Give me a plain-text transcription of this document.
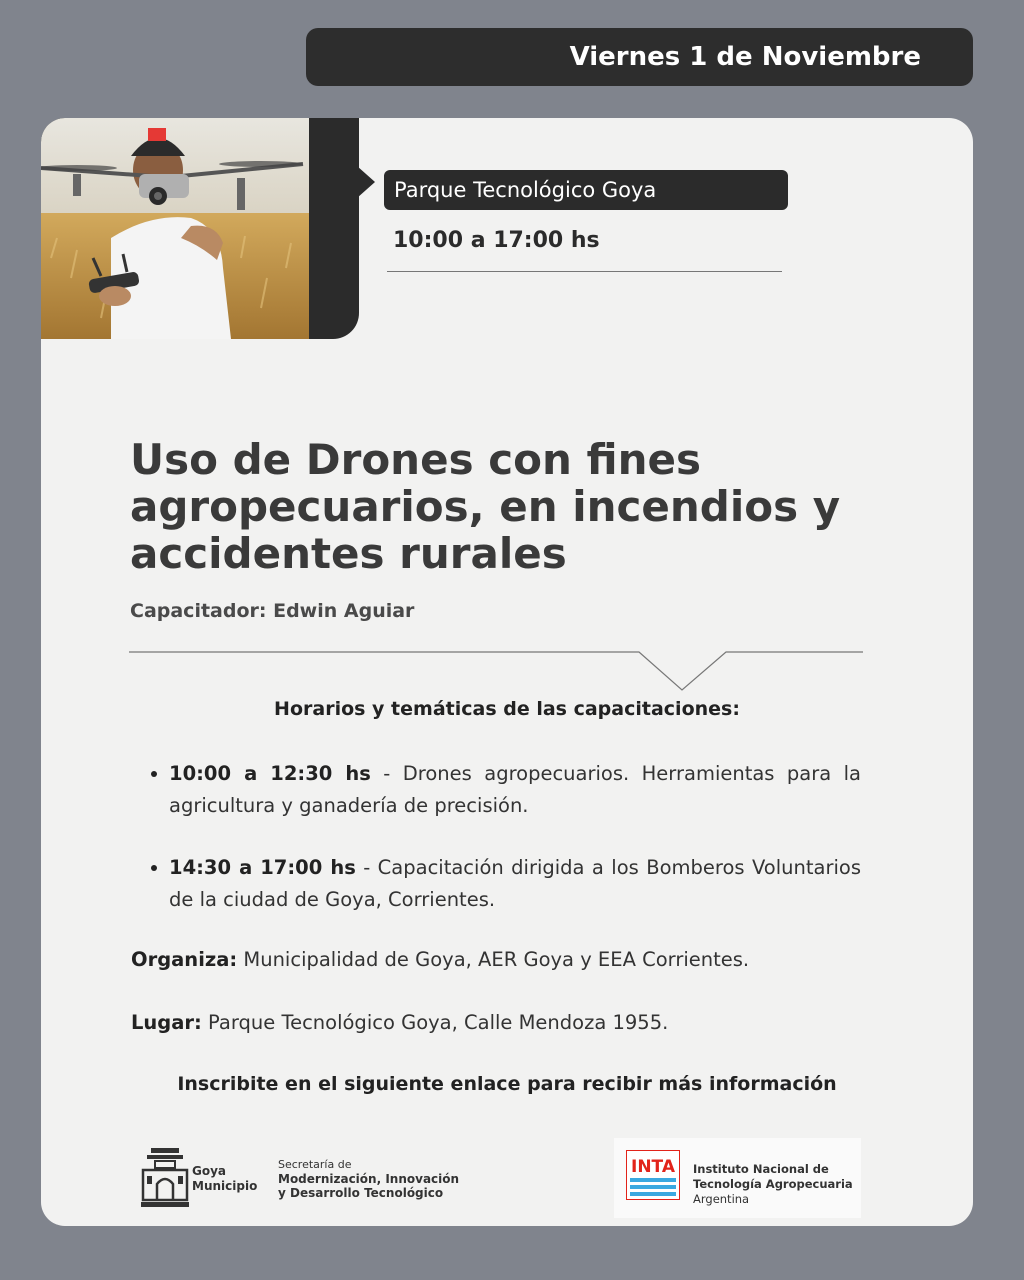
Viernes 1 de Noviembre
Parque Tecnológico Goya
10:00 a 17:00 hs
Uso de Drones con fines agropecuarios, en incendios y accidentes rurales
Capacitador: Edwin Aguiar
Horarios y temáticas de las capacitaciones:
10:00 a 12:30 hs - Drones agropecuarios. Herramientas para la agricultura y ganadería de precisión.
14:30 a 17:00 hs - Capacitación dirigida a los Bomberos Voluntarios de la ciudad de Goya, Corrientes.
Organiza: Municipalidad de Goya, AER Goya y EEA Corrientes.
Lugar: Parque Tecnológico Goya, Calle Mendoza 1955.
Inscribite en el siguiente enlace para recibir más información
Goya
Municipio
Secretaría de
Modernización, Innovación
y Desarrollo Tecnológico
INTA Instituto Nacional de
Tecnología Agropecuaria
Argentina
